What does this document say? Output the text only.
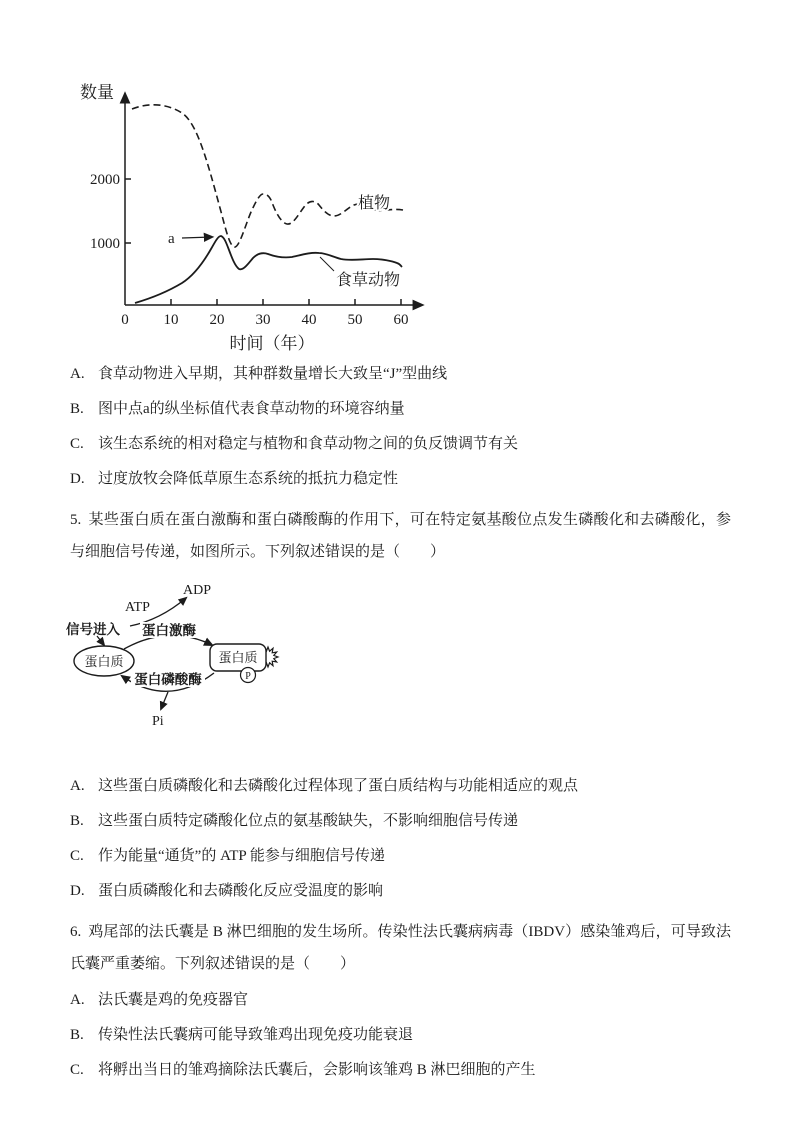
数量
2000
1000
0 10 20 30 40 50 60
时间（年）
a
植物
食草动物
A. 食草动物进入早期，其种群数量增长大致呈“J”型曲线
B. 图中点a的纵坐标值代表食草动物的环境容纳量
C. 该生态系统的相对稳定与植物和食草动物之间的负反馈调节有关
D. 过度放牧会降低草原生态系统的抵抗力稳定性

5. 某些蛋白质在蛋白激酶和蛋白磷酸酶的作用下，可在特定氨基酸位点发生磷酸化和去磷酸化，参与细胞信号传递，如图所示。下列叙述错误的是（　　）

蛋白激酶
蛋白磷酸酶
蛋白质	蛋白质
P
ADP
ATP
信号进入
Pi
A. 这些蛋白质磷酸化和去磷酸化过程体现了蛋白质结构与功能相适应的观点
B. 这些蛋白质特定磷酸化位点的氨基酸缺失，不影响细胞信号传递
C. 作为能量“通货”的 ATP 能参与细胞信号传递
D. 蛋白质磷酸化和去磷酸化反应受温度的影响

6. 鸡尾部的法氏囊是 B 淋巴细胞的发生场所。传染性法氏囊病病毒（IBDV）感染雏鸡后，可导致法氏囊严重萎缩。下列叙述错误的是（　　）

A. 法氏囊是鸡的免疫器官
B. 传染性法氏囊病可能导致雏鸡出现免疫功能衰退
C. 将孵出当日的雏鸡摘除法氏囊后，会影响该雏鸡 B 淋巴细胞的产生
